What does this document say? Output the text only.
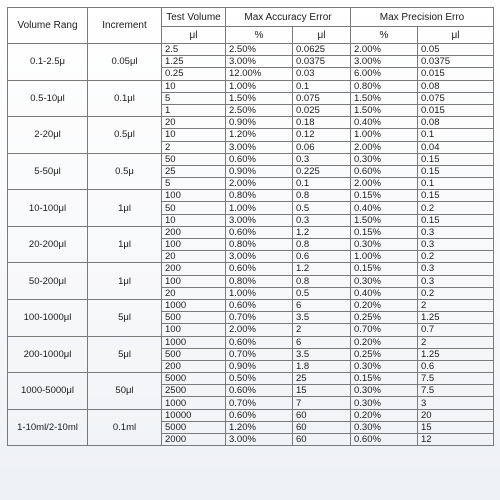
Volume Rang	Increment	Test Volume	Max Accuracy Error		Max Precision Erro	
		μl	%	μl	%	μl
0.1-2.5μ	0.05μl	2.5	2.50%	0.0625	2.00%	0.05
		1.25	3.00%	0.0375	3.00%	0.0375
		0.25	12.00%	0.03	6.00%	0.015
0.5-10μl	0.1μl	10	1.00%	0.1	0.80%	0.08
		5	1.50%	0.075	1.50%	0.075
		1	2.50%	0.025	1.50%	0.015
2-20μl	0.5μl	20	0.90%	0.18	0.40%	0.08
		10	1.20%	0.12	1.00%	0.1
		2	3.00%	0.06	2.00%	0.04
5-50μl	0.5μ	50	0.60%	0.3	0.30%	0.15
		25	0.90%	0.225	0.60%	0.15
		5	2.00%	0.1	2.00%	0.1
10-100μl	1μl	100	0.80%	0.8	0.15%	0.15
		50	1.00%	0.5	0.40%	0.2
		10	3.00%	0.3	1.50%	0.15
20-200μl	1μl	200	0.60%	1.2	0.15%	0.3
		100	0.80%	0.8	0.30%	0.3
		20	3.00%	0.6	1.00%	0.2
50-200μl	1μl	200	0.60%	1.2	0.15%	0.3
		100	0.80%	0.8	0.30%	0.3
		20	1.00%	0.5	0.40%	0.2
100-1000μl	5μl	1000	0.60%	6	0.20%	2
		500	0.70%	3.5	0.25%	1.25
		100	2.00%	2	0.70%	0.7
200-1000μl	5μl	1000	0.60%	6	0.20%	2
		500	0.70%	3.5	0.25%	1.25
		200	0.90%	1.8	0.30%	0.6
1000-5000μl	50μl	5000	0.50%	25	0.15%	7.5
		2500	0.60%	15	0.30%	7.5
		1000	0.70%	7	0.30%	3
1-10ml/2-10ml	0.1ml	10000	0.60%	60	0.20%	20
		5000	1.20%	60	0.30%	15
		2000	3.00%	60	0.60%	12
